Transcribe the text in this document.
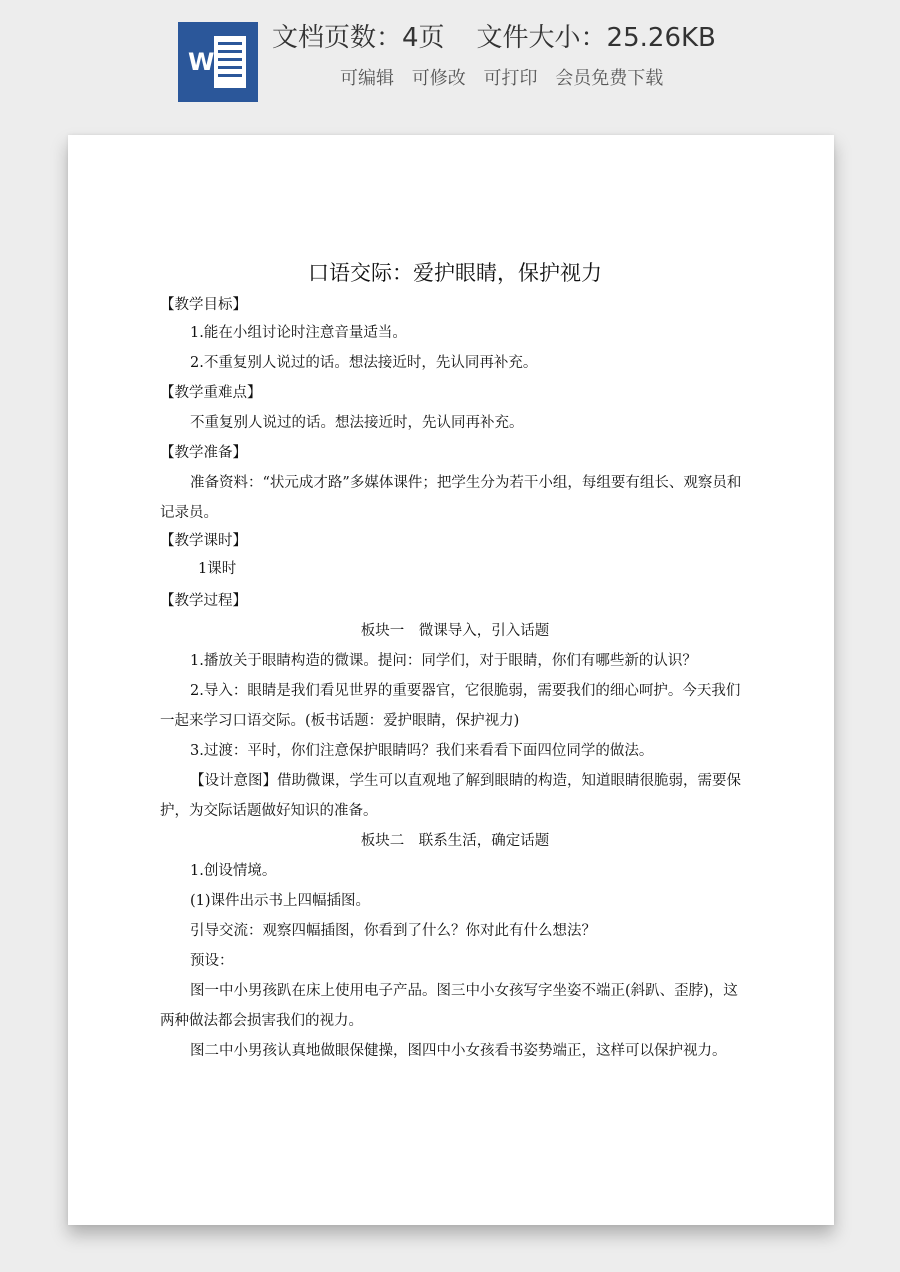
W
文档页数：4页 文件大小：25.26KB
可编辑 可修改 可打印 会员免费下载
口语交际：爱护眼睛，保护视力

【教学目标】

1.能在小组讨论时注意音量适当。

2.不重复别人说过的话。想法接近时，先认同再补充。

【教学重难点】

不重复别人说过的话。想法接近时，先认同再补充。

【教学准备】

准备资料：“状元成才路”多媒体课件；把学生分为若干小组，每组要有组长、观察员和记录员。

【教学课时】

1课时

【教学过程】

板块一　微课导入，引入话题

1.播放关于眼睛构造的微课。提问：同学们，对于眼睛，你们有哪些新的认识？

2.导入：眼睛是我们看见世界的重要器官，它很脆弱，需要我们的细心呵护。今天我们一起来学习口语交际。(板书话题：爱护眼睛，保护视力)

3.过渡：平时，你们注意保护眼睛吗？我们来看看下面四位同学的做法。

【设计意图】借助微课，学生可以直观地了解到眼睛的构造，知道眼睛很脆弱，需要保护，为交际话题做好知识的准备。

板块二　联系生活，确定话题

1.创设情境。

(1)课件出示书上四幅插图。

引导交流：观察四幅插图，你看到了什么？你对此有什么想法？

预设：

图一中小男孩趴在床上使用电子产品。图三中小女孩写字坐姿不端正(斜趴、歪脖)，这两种做法都会损害我们的视力。

图二中小男孩认真地做眼保健操，图四中小女孩看书姿势端正，这样可以保护视力。
